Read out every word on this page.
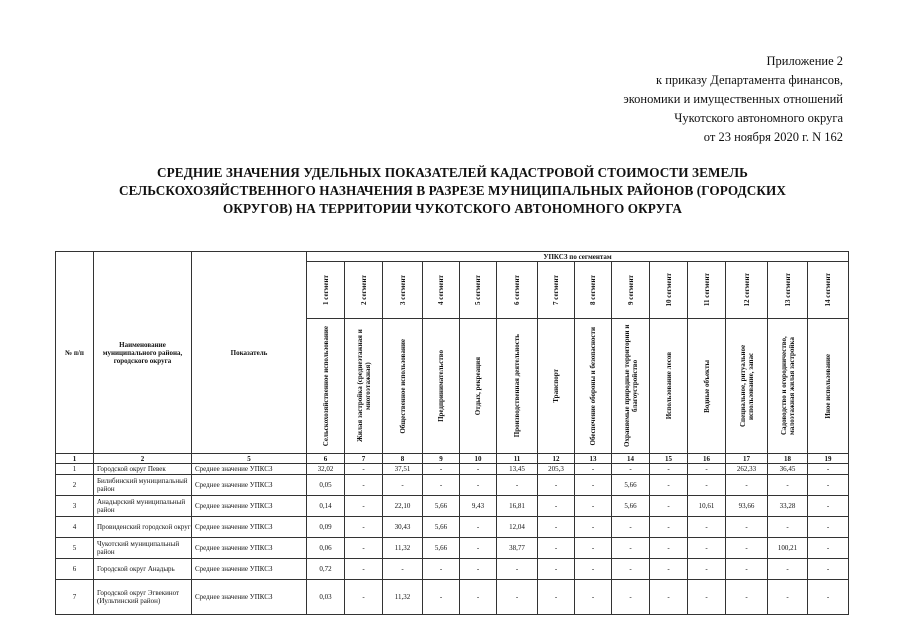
Приложение 2
к приказу Департамента финансов,
экономики и имущественных отношений
Чукотского автономного округа
от 23 ноября 2020 г. N 162
СРЕДНИЕ ЗНАЧЕНИЯ УДЕЛЬНЫХ ПОКАЗАТЕЛЕЙ КАДАСТРОВОЙ СТОИМОСТИ ЗЕМЕЛЬ
СЕЛЬСКОХОЗЯЙСТВЕННОГО НАЗНАЧЕНИЯ В РАЗРЕЗЕ МУНИЦИПАЛЬНЫХ РАЙОНОВ (ГОРОДСКИХ
ОКРУГОВ) НА ТЕРРИТОРИИ ЧУКОТСКОГО АВТОНОМНОГО ОКРУГА
№ п/п	Наименование муниципального района, городского округа	Показатель	УПКСЗ по сегментам													

			1 сегмент	2 сегмент	3 сегмент	4 сегмент	5 сегмент	6 сегмент	7 сегмент	8 сегмент	9 сегмент	10 сегмент	11 сегмент	12 сегмент	13 сегмент	14 сегмент

			Сельскохозяйственное использование	Жилая застройка (среднеэтажная и многоэтажная)	Общественное использование	Предпринимательство	Отдых, рекреация	Производственная деятельность	Транспорт	Обеспечение обороны и безопасности	Охраняемые природные территории и благоустройство	Использование лесов	Водные объекты	Специальное, ритуальное использование, запас	Садоводство и огородничество, малоэтажная жилая застройка	Иное использование

1	2	5	6	7	8	9	10	11	12	13	14	15	16	17	18	19
1	Городской округ Певек	Среднее значение УПКСЗ	32,02	-	37,51	-	-	13,45	205,3	-	-	-	-	262,33	36,45	-
2	Билибинский муниципальный район	Среднее значение УПКСЗ	0,05	-	-	-	-	-	-	-	5,66	-	-	-	-	-
3	Анадырский муниципальный район	Среднее значение УПКСЗ	0,14	-	22,10	5,66	9,43	16,81	-	-	5,66	-	10,61	93,66	33,28	-
4	Провиденский городской округ	Среднее значение УПКСЗ	0,09	-	30,43	5,66	-	12,04	-	-	-	-	-	-	-	-
5	Чукотский муниципальный район	Среднее значение УПКСЗ	0,06	-	11,32	5,66	-	38,77	-	-	-	-	-	-	100,21	-
6	Городской округ Анадырь	Среднее значение УПКСЗ	0,72	-	-	-	-	-	-	-	-	-	-	-	-	-
7	Городской округ Эгвекинот (Иультинский район)	Среднее значение УПКСЗ	0,03	-	11,32	-	-	-	-	-	-	-	-	-	-	-
